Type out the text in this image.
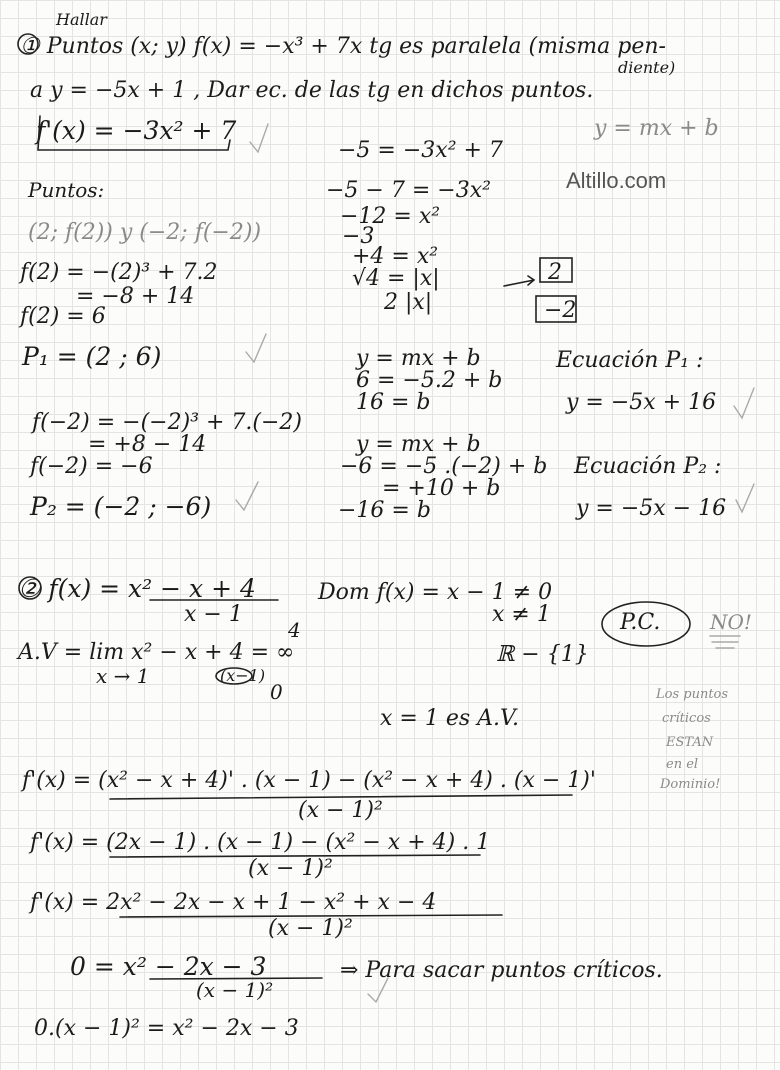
Altillo.com
Hallar
① Puntos (x; y) f(x) = −x³ + 7x tg es paralela (misma pen-
diente)
a y = −5x + 1 , Dar ec. de las tg en dichos puntos.
f'(x) = −3x² + 7	y = mx + b
−5 = −3x² + 7
−5 − 7 = −3x²
−12 = x²
−3
+4 = x²
√4 = |x|
2 |x|
2
−2
Puntos:
(2; f(2)) y (−2; f(−2))
f(2) = −(2)³ + 7.2
= −8 + 14
f(2) = 6
P₁ = (2 ; 6)
f(−2) = −(−2)³ + 7.(−2)
= +8 − 14
f(−2) = −6
P₂ = (−2 ; −6)
y = mx + b
6 = −5.2 + b
16 = b
y = mx + b
−6 = −5 .(−2) + b
= +10 + b
−16 = b
Ecuación P₁ :
y = −5x + 16
Ecuación P₂ :
y = −5x − 16
② f(x) = x² − x + 4
x − 1
Dom f(x) = x − 1 ≠ 0
x ≠ 1	P.C. NO!
ℝ − {1}
A.V = lim x² − x + 4 = ∞
4
x → 1	(x−1)
0
x = 1 es A.V.
Los puntos
críticos
ESTAN
en el
Dominio!
f'(x) = (x² − x + 4)' . (x − 1) − (x² − x + 4) . (x − 1)'
(x − 1)²
f'(x) = (2x − 1) . (x − 1) − (x² − x + 4) . 1
(x − 1)²
f'(x) = 2x² − 2x − x + 1 − x² + x − 4
(x − 1)²
0 = x² − 2x − 3
(x − 1)²
⇒ Para sacar puntos críticos.
0.(x − 1)² = x² − 2x − 3
